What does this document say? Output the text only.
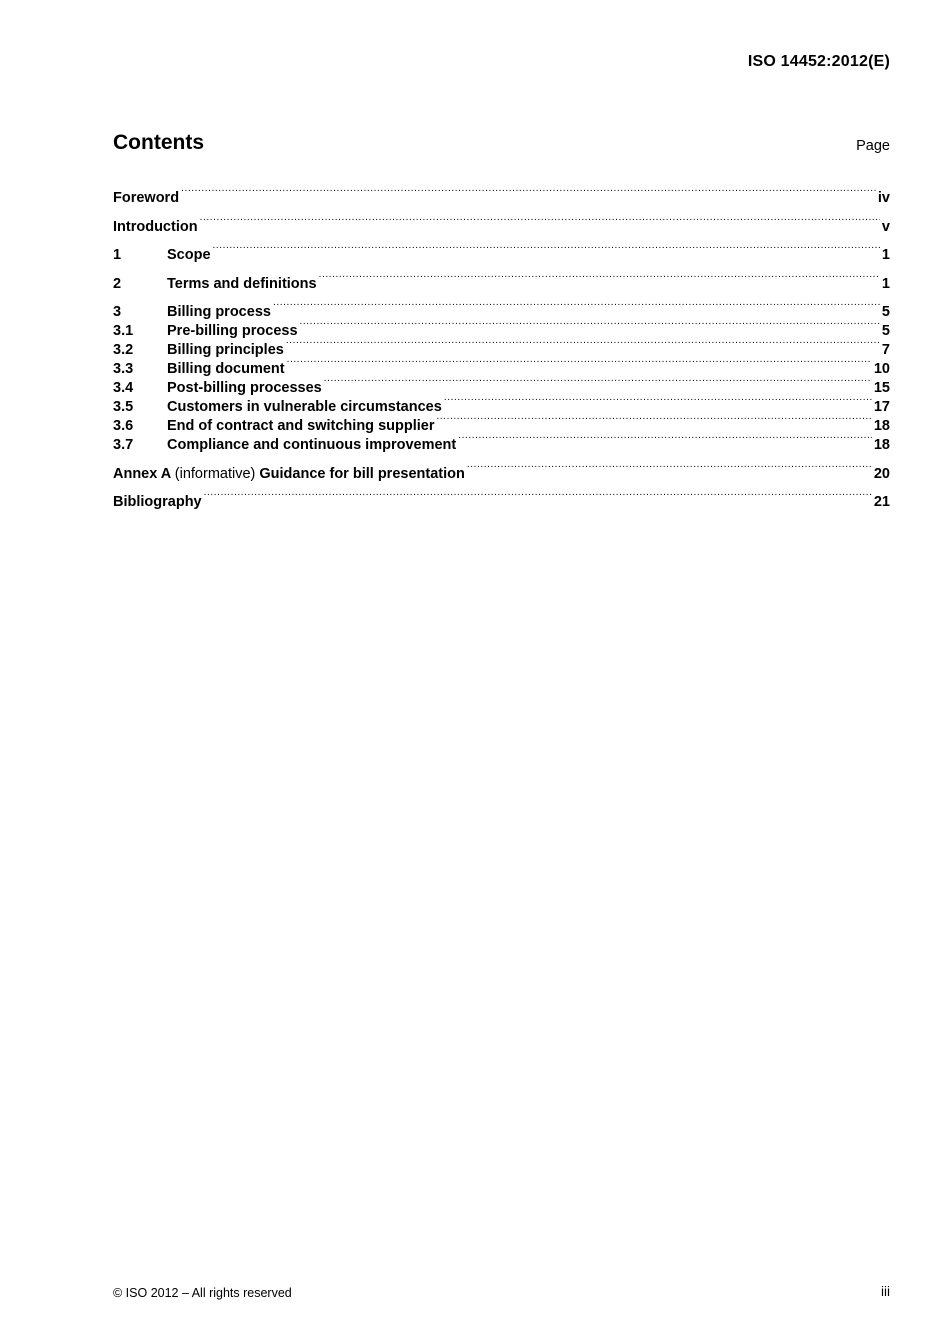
ISO 14452:2012(E)
Contents	Page
Foreword .....	iv
Introduction .....	v
1	Scope .....	1
2	Terms and definitions .....	1
3	Billing process .....	5
3.1	Pre-billing process .....	5
3.2	Billing principles .....	7
3.3	Billing document .....	10
3.4	Post-billing processes .....	15
3.5	Customers in vulnerable circumstances .....	17
3.6	End of contract and switching supplier .....	18
3.7	Compliance and continuous improvement .....	18
Annex A (informative) Guidance for bill presentation .....	20
Bibliography .....	21
© ISO 2012 – All rights reserved	iii
